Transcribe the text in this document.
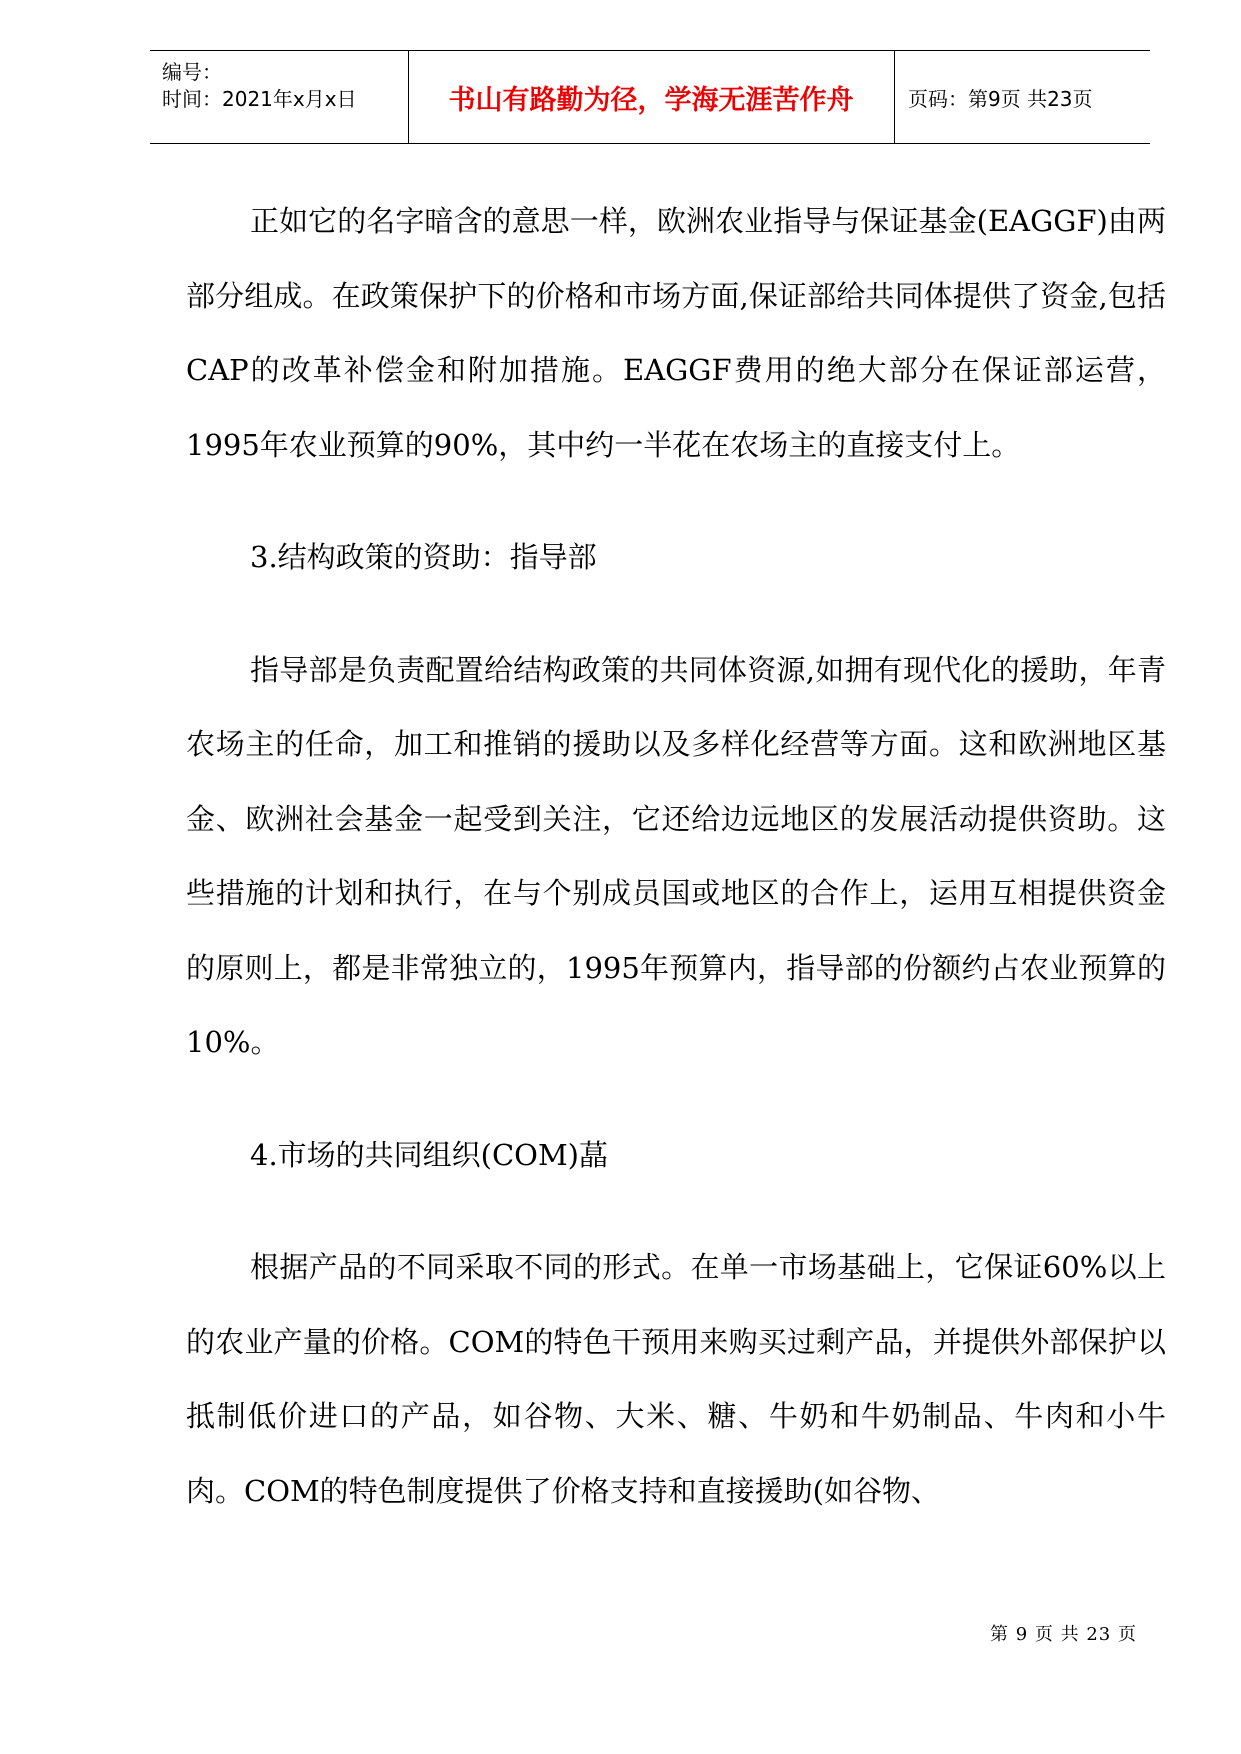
编号：
时间：2021年x月x日	书山有路勤为径，学海无涯苦作舟	页码：第9页 共23页

正如它的名字暗含的意思一样，欧洲农业指导与保证基金(EAGGF)由两部分组成。在政策保护下的价格和市场方面,保证部给共同体提供了资金,包括CAP的改革补偿金和附加措施。EAGGF费用的绝大部分在保证部运营，1995年农业预算的90%，其中约一半花在农场主的直接支付上。

3.结构政策的资助：指导部

指导部是负责配置给结构政策的共同体资源,如拥有现代化的援助，年青农场主的任命，加工和推销的援助以及多样化经营等方面。这和欧洲地区基金、欧洲社会基金一起受到关注，它还给边远地区的发展活动提供资助。这些措施的计划和执行，在与个别成员国或地区的合作上，运用互相提供资金的原则上，都是非常独立的，1995年预算内，指导部的份额约占农业预算的10%。

4.市场的共同组织(COM)蕌

根据产品的不同采取不同的形式。在单一市场基础上，它保证60%以上的农业产量的价格。COM的特色干预用来购买过剩产品，并提供外部保护以抵制低价进口的产品，如谷物、大米、糖、牛奶和牛奶制品、牛肉和小牛肉。COM的特色制度提供了价格支持和直接援助(如谷物、

第 9 页 共 23 页
